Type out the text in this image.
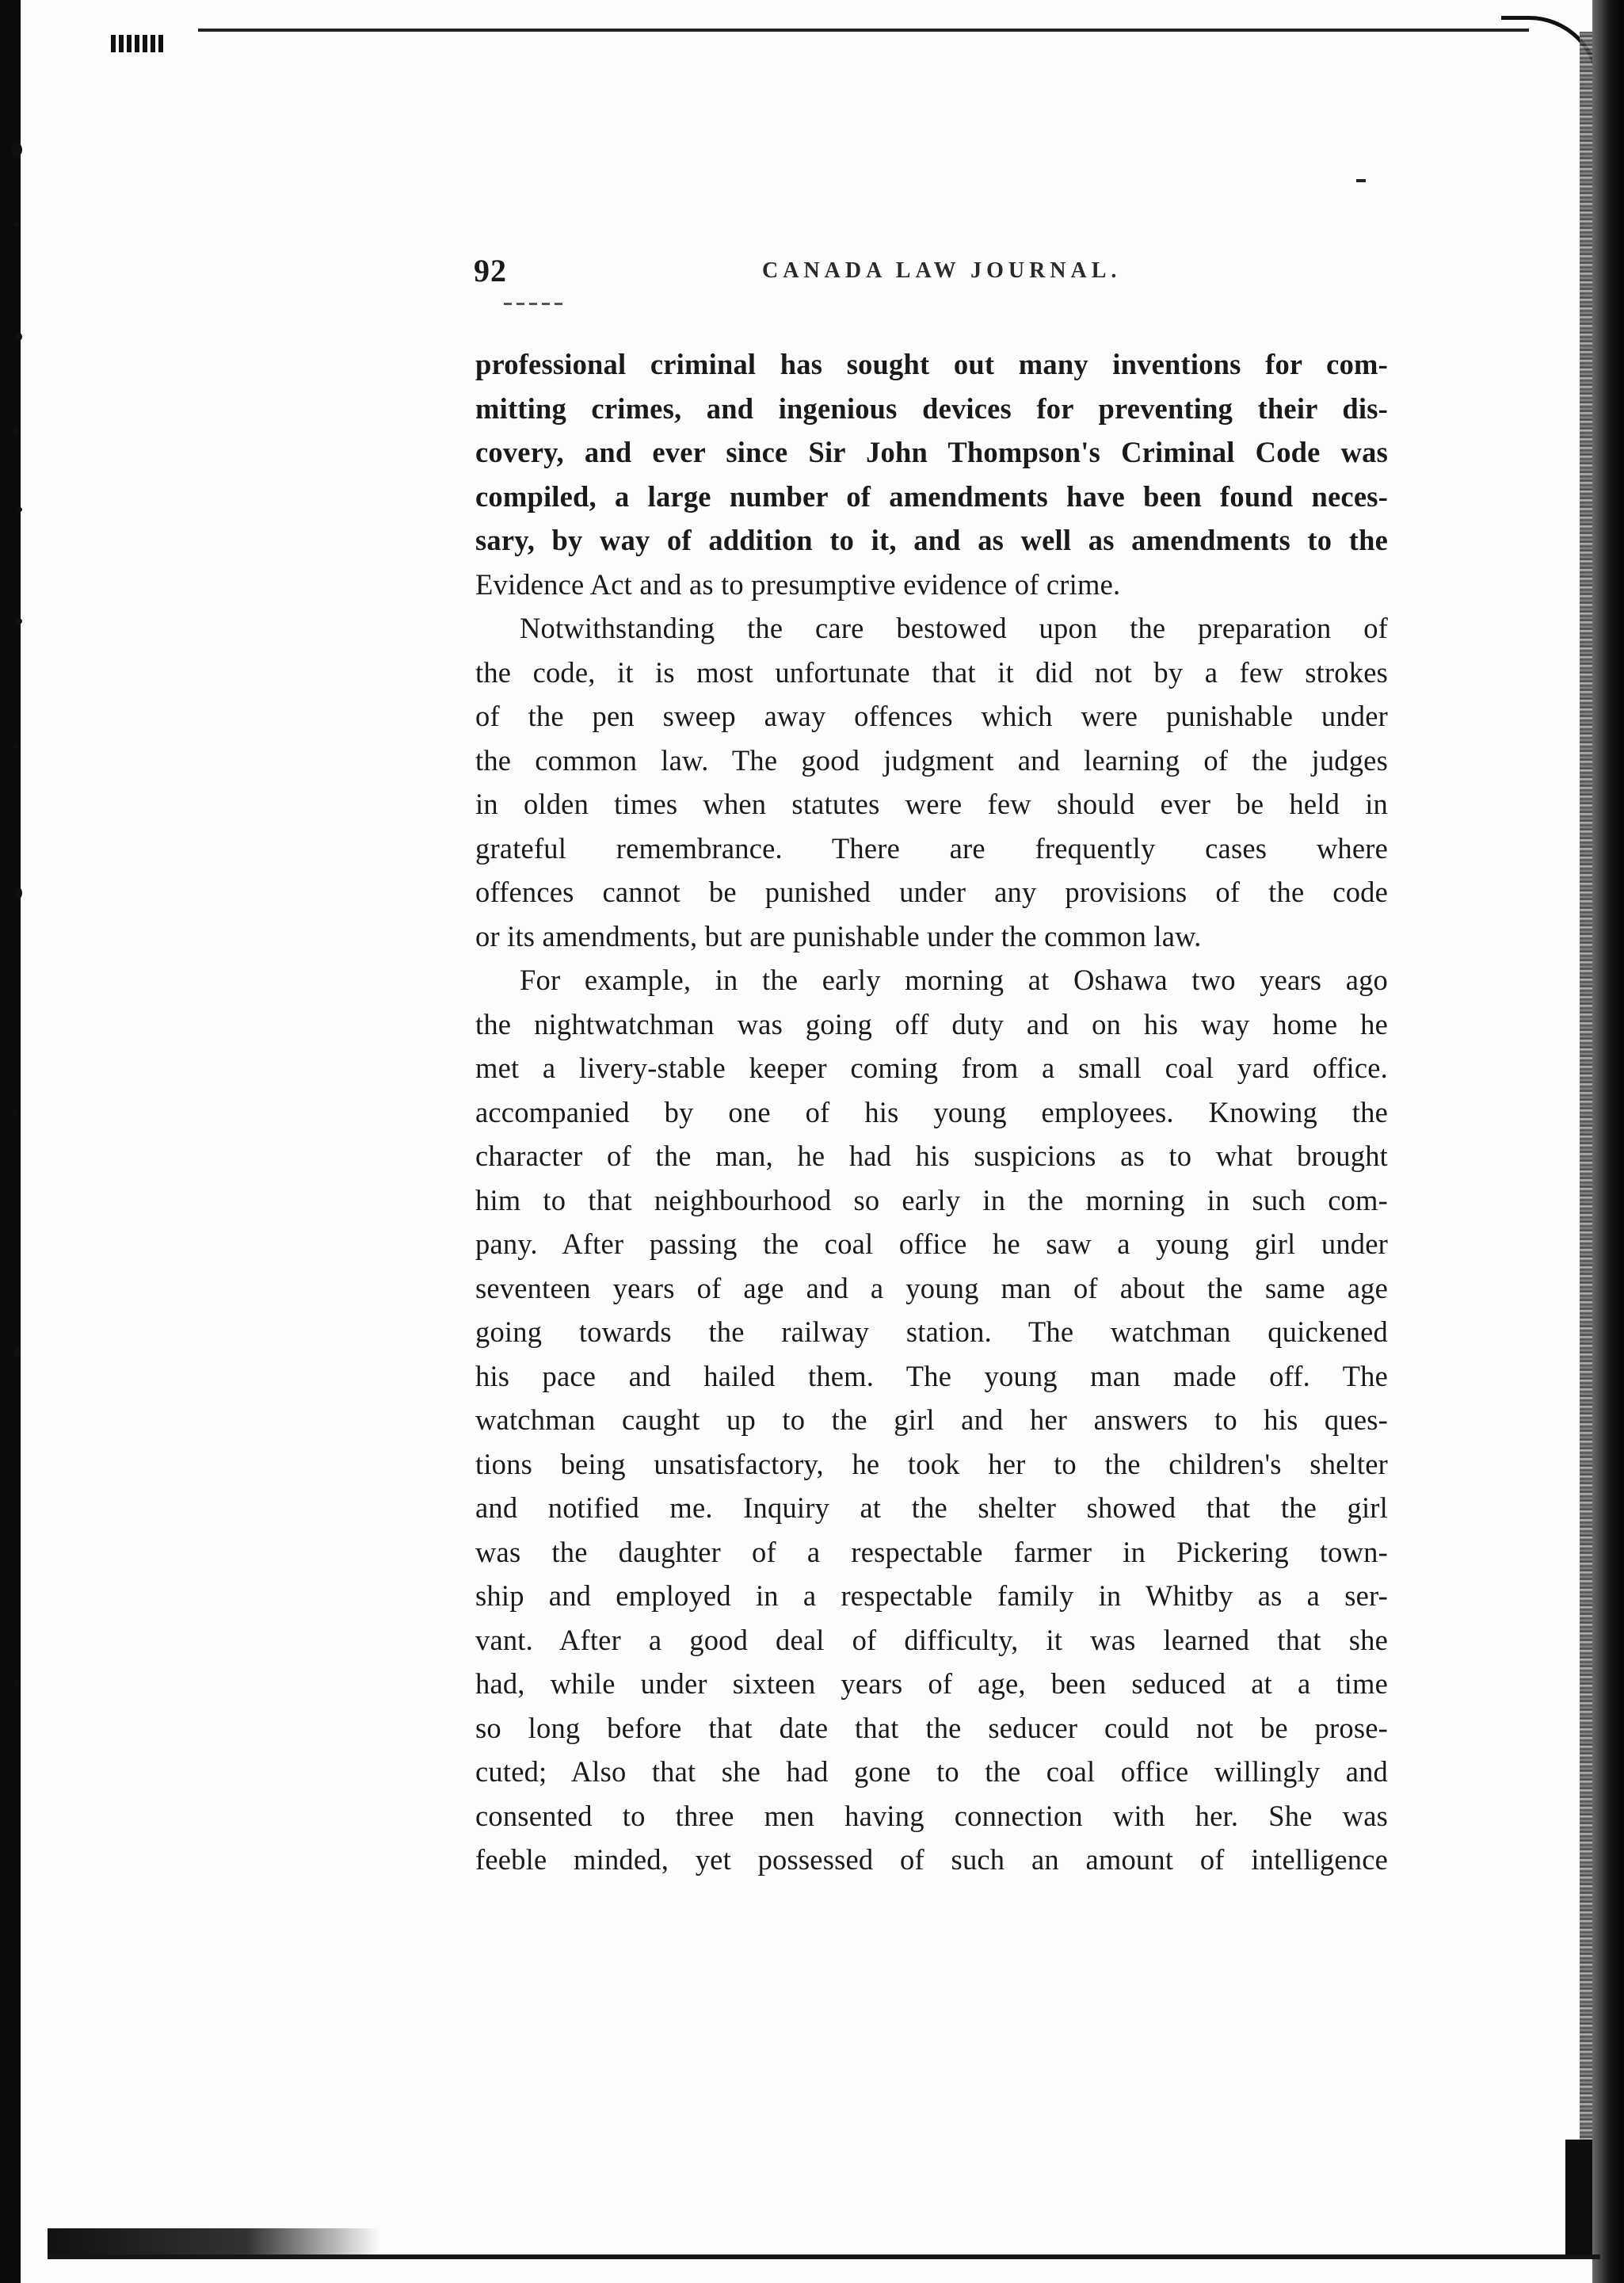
92	CANADA LAW JOURNAL.
professional criminal has sought out many inventions for com-
mitting crimes, and ingenious devices for preventing their dis-
covery, and ever since Sir John Thompson's Criminal Code was
compiled, a large number of amendments have been found neces-
sary, by way of addition to it, and as well as amendments to the
Evidence Act and as to presumptive evidence of crime.
Notwithstanding the care bestowed upon the preparation of
the code, it is most unfortunate that it did not by a few strokes
of the pen sweep away offences which were punishable under
the common law. The good judgment and learning of the judges
in olden times when statutes were few should ever be held in
grateful remembrance. There are frequently cases where
offences cannot be punished under any provisions of the code
or its amendments, but are punishable under the common law.
For example, in the early morning at Oshawa two years ago
the nightwatchman was going off duty and on his way home he
met a livery-stable keeper coming from a small coal yard office.
accompanied by one of his young employees. Knowing the
character of the man, he had his suspicions as to what brought
him to that neighbourhood so early in the morning in such com-
pany. After passing the coal office he saw a young girl under
seventeen years of age and a young man of about the same age
going towards the railway station. The watchman quickened
his pace and hailed them. The young man made off. The
watchman caught up to the girl and her answers to his ques-
tions being unsatisfactory, he took her to the children's shelter
and notified me. Inquiry at the shelter showed that the girl
was the daughter of a respectable farmer in Pickering town-
ship and employed in a respectable family in Whitby as a ser-
vant. After a good deal of difficulty, it was learned that she
had, while under sixteen years of age, been seduced at a time
so long before that date that the seducer could not be prose-
cuted; Also that she had gone to the coal office willingly and
consented to three men having connection with her. She was
feeble minded, yet possessed of such an amount of intelligence
